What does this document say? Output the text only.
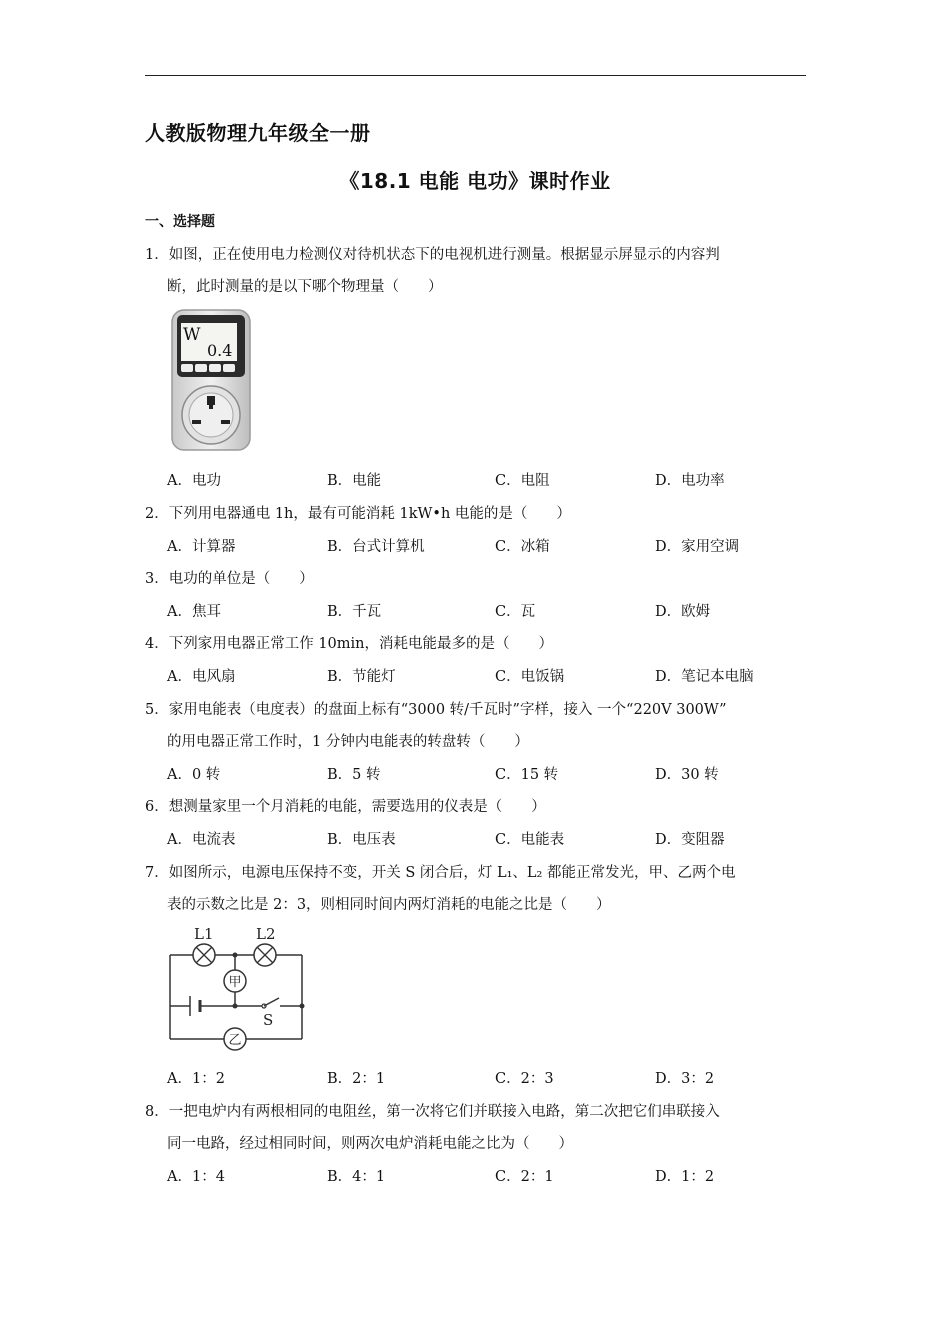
人教版物理九年级全一册
《18.1 电能 电功》课时作业
一、选择题
1．如图，正在使用电力检测仪对待机状态下的电视机进行测量。根据显示屏显示的内容判
断，此时测量的是以下哪个物理量（　　）
W
0.4
A．电功	B．电能	C．电阻	D．电功率
2．下列用电器通电 1h，最有可能消耗 1kW•h 电能的是（　　）
A．计算器	B．台式计算机	C．冰箱	D．家用空调
3．电功的单位是（　　）
A．焦耳	B．千瓦	C．瓦	D．欧姆
4．下列家用电器正常工作 10min，消耗电能最多的是（　　）
A．电风扇	B．节能灯	C．电饭锅	D．笔记本电脑
5．家用电能表（电度表）的盘面上标有“3000 转/千瓦时”字样，接入 一个“220V 300W”
的用电器正常工作时，1 分钟内电能表的转盘转（　　）
A．0 转	B．5 转	C．15 转	D．30 转
6．想测量家里一个月消耗的电能，需要选用的仪表是（　　）
A．电流表	B．电压表	C．电能表	D．变阻器
7．如图所示，电源电压保持不变，开关 S 闭合后，灯 L₁、L₂ 都能正常发光，甲、乙两个电
表的示数之比是 2：3，则相同时间内两灯消耗的电能之比是（　　）
L1	L2
甲
S
乙
A．1：2	B．2：1	C．2：3	D．3：2
8．一把电炉内有两根相同的电阻丝，第一次将它们并联接入电路，第二次把它们串联接入
同一电路，经过相同时间，则两次电炉消耗电能之比为（　　）
A．1：4	B．4：1	C．2：1	D．1：2
